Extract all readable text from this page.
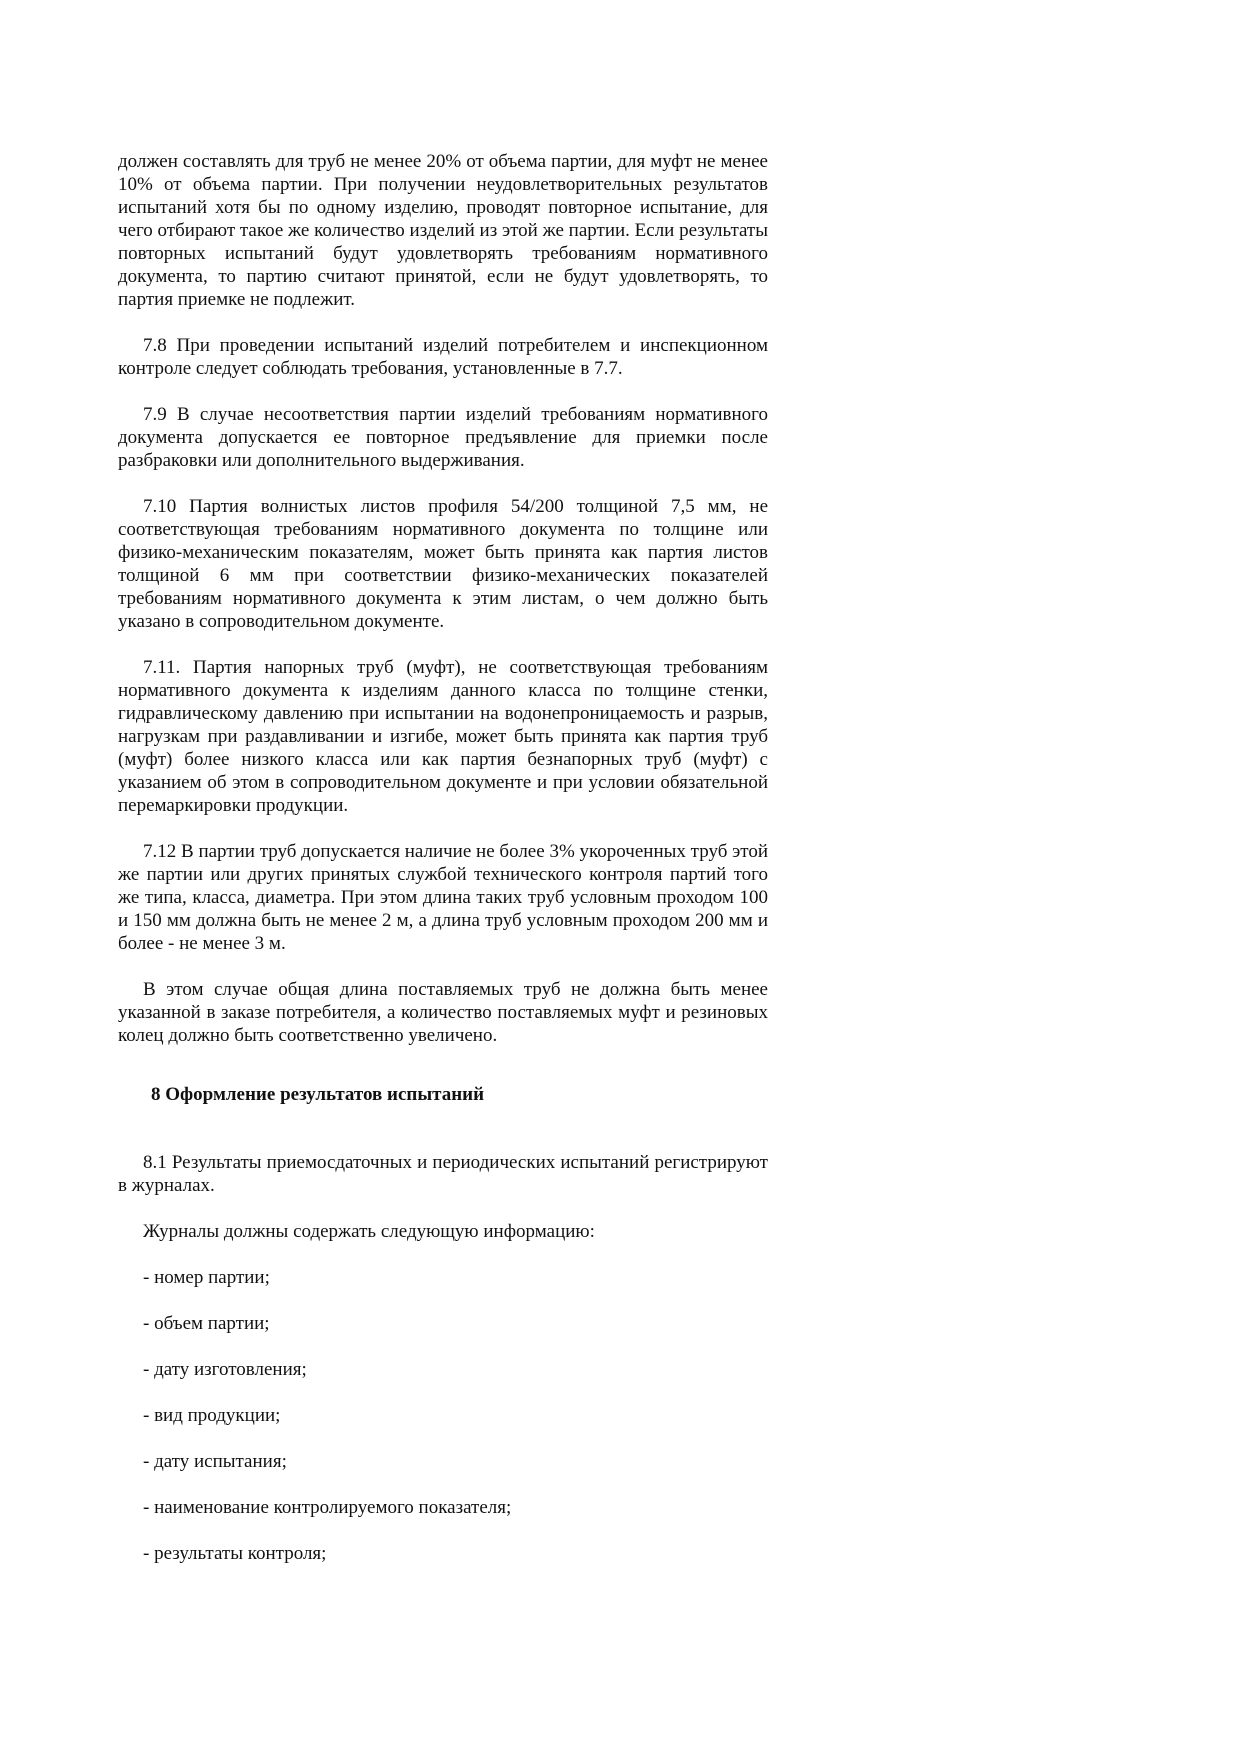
должен составлять для труб не менее 20% от объема партии, для муфт не менее 10% от объема партии. При получении неудовлетворительных результатов испытаний хотя бы по одному изделию, проводят повторное испытание, для чего отбирают такое же количество изделий из этой же партии. Если результаты повторных испытаний будут удовлетворять требованиям нормативного документа, то партию считают принятой, если не будут удовлетворять, то партия приемке не подлежит.

7.8 При проведении испытаний изделий потребителем и инспекционном контроле следует соблюдать требования, установленные в 7.7.

7.9 В случае несоответствия партии изделий требованиям нормативного документа допускается ее повторное предъявление для приемки после разбраковки или дополнительного выдерживания.

7.10 Партия волнистых листов профиля 54/200 толщиной 7,5 мм, не соответствующая требованиям нормативного документа по толщине или физико-механическим показателям, может быть принята как партия листов толщиной 6 мм при соответствии физико-механических показателей требованиям нормативного документа к этим листам, о чем должно быть указано в сопроводительном документе.

7.11. Партия напорных труб (муфт), не соответствующая требованиям нормативного документа к изделиям данного класса по толщине стенки, гидравлическому давлению при испытании на водонепроницаемость и разрыв, нагрузкам при раздавливании и изгибе, может быть принята как партия труб (муфт) более низкого класса или как партия безнапорных труб (муфт) с указанием об этом в сопроводительном документе и при условии обязательной перемаркировки продукции.

7.12 В партии труб допускается наличие не более 3% укороченных труб этой же партии или других принятых службой технического контроля партий того же типа, класса, диаметра. При этом длина таких труб условным проходом 100 и 150 мм должна быть не менее 2 м, а длина труб условным проходом 200 мм и более - не менее 3 м.

В этом случае общая длина поставляемых труб не должна быть менее указанной в заказе потребителя, а количество поставляемых муфт и резиновых колец должно быть соответственно увеличено.

8 Оформление результатов испытаний

8.1 Результаты приемосдаточных и периодических испытаний регистрируют в журналах.

Журналы должны содержать следующую информацию:

- номер партии;
- объем партии;
- дату изготовления;
- вид продукции;
- дату испытания;
- наименование контролируемого показателя;
- результаты контроля;
